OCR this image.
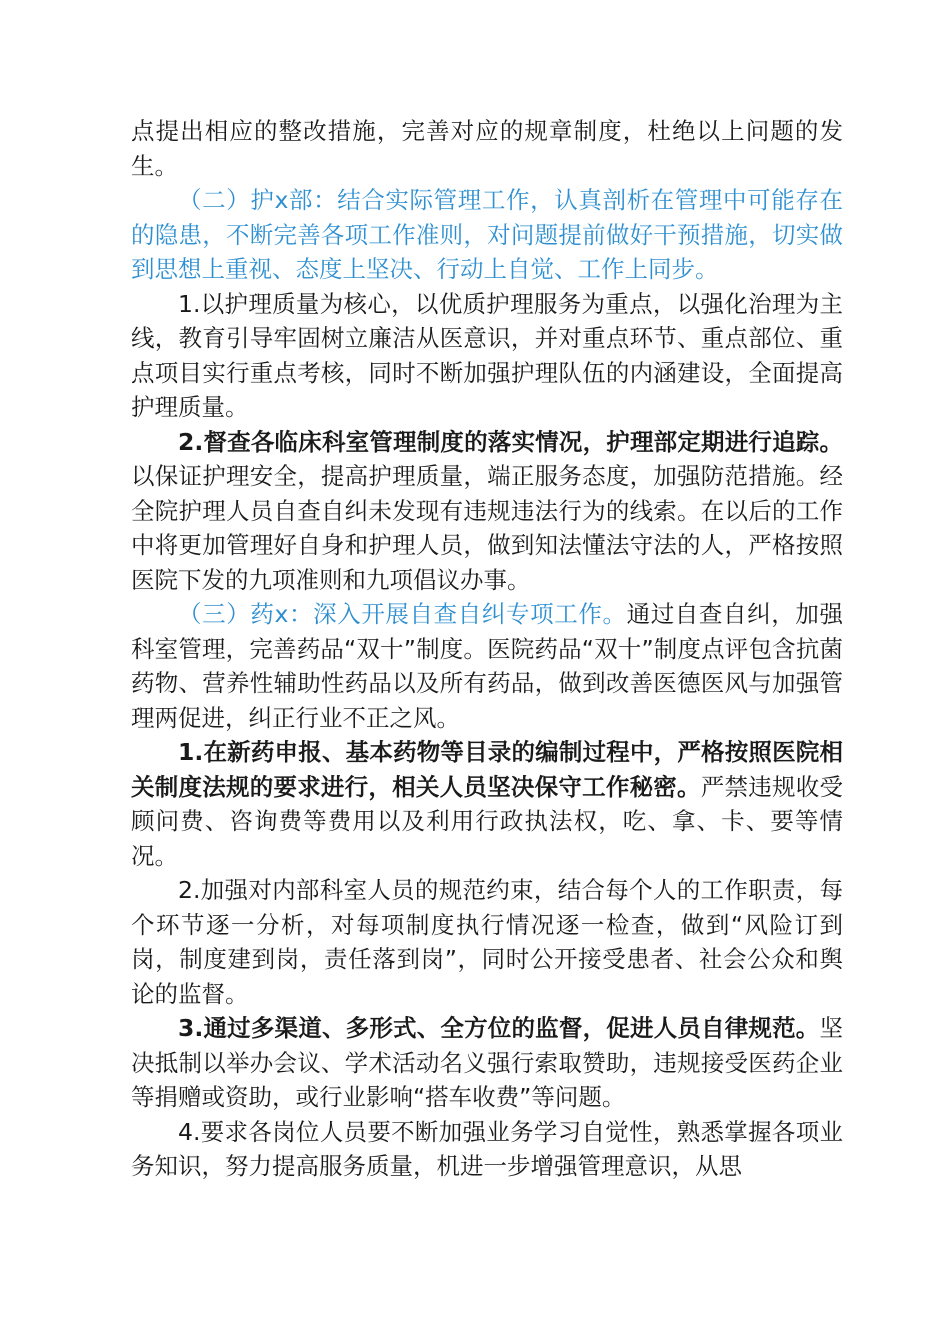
点提出相应的整改措施，完善对应的规章制度，杜绝以上问题的发生。

（二）护x部：结合实际管理工作，认真剖析在管理中可能存在的隐患，不断完善各项工作准则，对问题提前做好干预措施，切实做到思想上重视、态度上坚决、行动上自觉、工作上同步。

1.以护理质量为核心，以优质护理服务为重点，以强化治理为主线，教育引导牢固树立廉洁从医意识，并对重点环节、重点部位、重点项目实行重点考核，同时不断加强护理队伍的内涵建设，全面提高护理质量。

2.督查各临床科室管理制度的落实情况，护理部定期进行追踪。以保证护理安全，提高护理质量，端正服务态度，加强防范措施。经全院护理人员自查自纠未发现有违规违法行为的线索。在以后的工作中将更加管理好自身和护理人员，做到知法懂法守法的人，严格按照医院下发的九项准则和九项倡议办事。

（三）药x：深入开展自查自纠专项工作。通过自查自纠，加强科室管理，完善药品“双十”制度。医院药品“双十”制度点评包含抗菌药物、营养性辅助性药品以及所有药品，做到改善医德医风与加强管理两促进，纠正行业不正之风。

1.在新药申报、基本药物等目录的编制过程中，严格按照医院相关制度法规的要求进行，相关人员坚决保守工作秘密。严禁违规收受顾问费、咨询费等费用以及利用行政执法权，吃、拿、卡、要等情况。

2.加强对内部科室人员的规范约束，结合每个人的工作职责，每个环节逐一分析，对每项制度执行情况逐一检查，做到“风险订到岗，制度建到岗，责任落到岗”，同时公开接受患者、社会公众和舆论的监督。

3.通过多渠道、多形式、全方位的监督，促进人员自律规范。坚决抵制以举办会议、学术活动名义强行索取赞助，违规接受医药企业等捐赠或资助，或行业影响“搭车收费”等问题。

4.要求各岗位人员要不断加强业务学习自觉性，熟悉掌握各项业务知识，努力提高服务质量，机进一步增强管理意识，从思
